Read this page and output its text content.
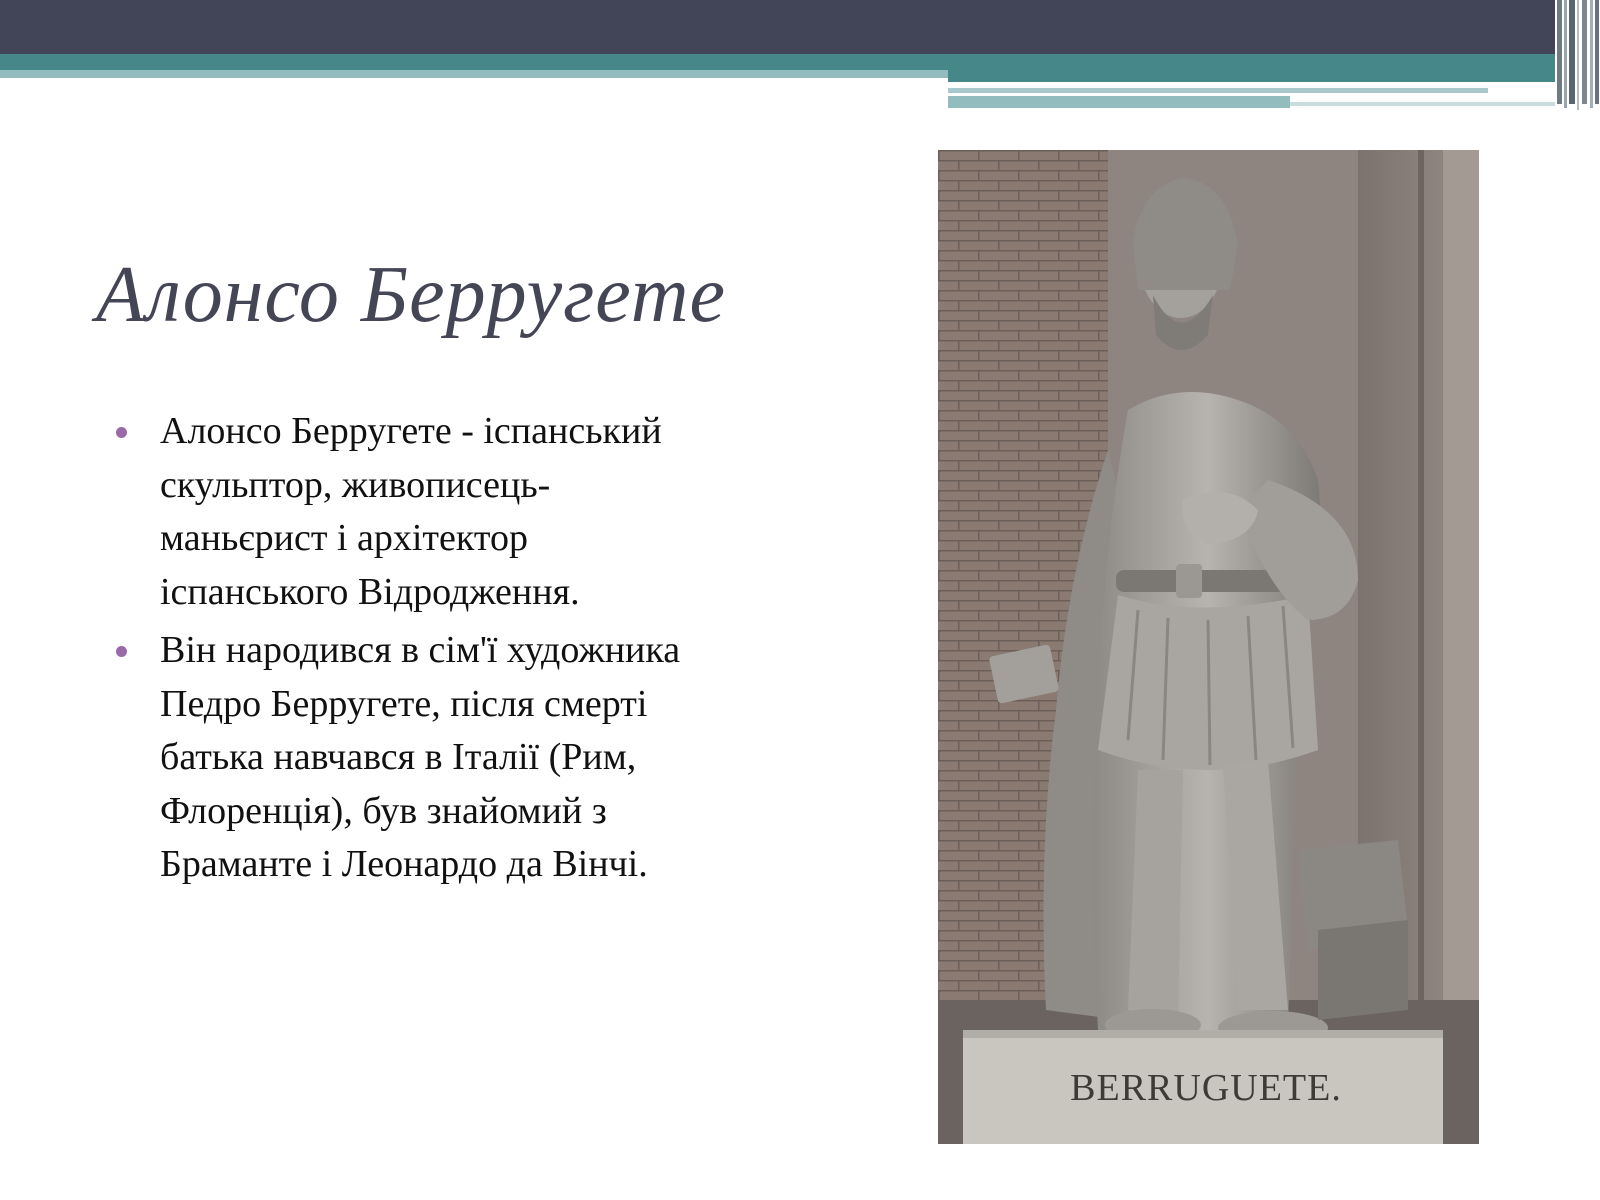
Алонсо Берругете
Алонсо Берругете - іспанський
скульптор, живописець-
маньєрист і архітектор
іспанського Відродження.
Він народився в сім'ї художника
Педро Берругете, після смерті
батька навчався в Італії (Рим,
Флоренція), був знайомий з
Браманте і Леонардо да Вінчі.
BERRUGUETE.
